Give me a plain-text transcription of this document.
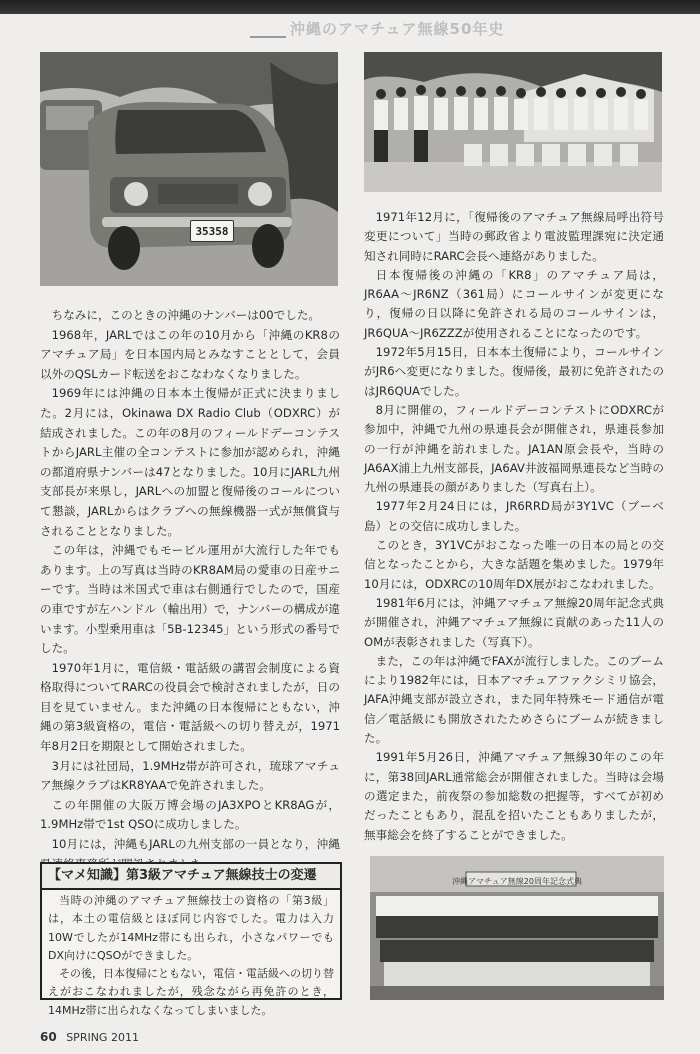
沖縄のアマチュア無線50年史
35358

ちなみに，このときの沖縄のナンバーは00でした。

1968年，JARLではこの年の10月から「沖縄のKR8のアマチュア局」を日本国内局とみなすこととして，会員以外のQSLカード転送をおこなわなくなりました。

1969年には沖縄の日本本土復帰が正式に決まりました。2月には，Okinawa DX Radio Club（ODXRC）が結成されました。この年の8月のフィールドデーコンテストからJARL主催の全コンテストに参加が認められ，沖縄の都道府県ナンバーは47となりました。10月にJARL九州支部長が来県し，JARLへの加盟と復帰後のコールについて懇談，JARLからはクラブへの無線機器一式が無償貸与されることとなりました。

この年は，沖縄でもモービル運用が大流行した年でもあります。上の写真は当時のKR8AM局の愛車の日産サニーです。当時は米国式で車は右側通行でしたので，国産の車ですが左ハンドル（輸出用）で，ナンバーの構成が違います。小型乗用車は「5B-12345」という形式の番号でした。

1970年1月に，電信級・電話級の講習会制度による資格取得についてRARCの役員会で検討されましたが，日の目を見ていません。また沖縄の日本復帰にともない，沖縄の第3級資格の，電信・電話級への切り替えが，1971年8月2日を期限として開始されました。

3月には社団局，1.9MHz帯が許可され，琉球アマチュア無線クラブはKR8YAAで免許されました。

この年開催の大阪万博会場のJA3XPOとKR8AGが，1.9MHz帯で1st QSOに成功しました。

10月には，沖縄もJARLの九州支部の一員となり，沖縄

【マメ知識】第3級アマチュア無線技士の変遷

当時の沖縄のアマチュア無線技士の資格の「第3級」は，本土の電信級とほぼ同じ内容でした。電力は入力10Wでしたが14MHz帯にも出られ，小さなパワーでもDX向けにQSOができました。

その後，日本復帰にともない，電信・電話級への切り替えがおこなわれましたが，残念ながら再免許のとき，14MHz帯に出られなくなってしまいました。

1971年12月に，「復帰後のアマチュア無線局呼出符号変更について」当時の郵政省より電波監理課宛に決定通知され同時にRARC会長へ連絡がありました。

日本復帰後の沖縄の「KR8」のアマチュア局は，JR6AA～JR6NZ（361局）にコールサインが変更になり，復帰の日以降に免許される局のコールサインは，JR6QUA～JR6ZZZが使用されることになったのです。

1972年5月15日，日本本土復帰により，コールサインがJR6へ変更になりました。復帰後，最初に免許されたのはJR6QUAでした。

8月に開催の，フィールドデーコンテストにODXRCが参加中，沖縄で九州の県連長会が開催され，県連長参加の一行が沖縄を訪れました。JA1AN原会長や，当時のJA6AX浦上九州支部長，JA6AV井波福岡県連長など当時の九州の県連長の顔がありました（写真右上）。

1977年2月24日には，JR6RRD局が3Y1VC（ブーベ島）との交信に成功しました。

このとき，3Y1VCがおこなった唯一の日本の局との交信となったことから，大きな話題を集めました。1979年10月には，ODXRCの10周年DX展がおこなわれました。

1981年6月には，沖縄アマチュア無線20周年記念式典が開催され，沖縄アマチュア無線に貢献のあった11人のOMが表彰されました（写真下）。

また，この年は沖縄でFAXが流行しました。このブームにより1982年には，日本アマチュアファクシミリ協会，JAFA沖縄支部が設立され，また同年特殊モード通信が電信／電話級にも開放されたためさらにブームが続きました。

1991年5月26日，沖縄アマチュア無線30年のこの年に，第38回JARL通常総会が開催されました。当時は会場の選定また，前夜祭の参加総数の把握等，すべてが初めだったこともあり，混乱を招いたこともありましたが，無事総会を終了することができました。

沖縄アマチュア無線20周年記念式典
60 SPRING 2011
